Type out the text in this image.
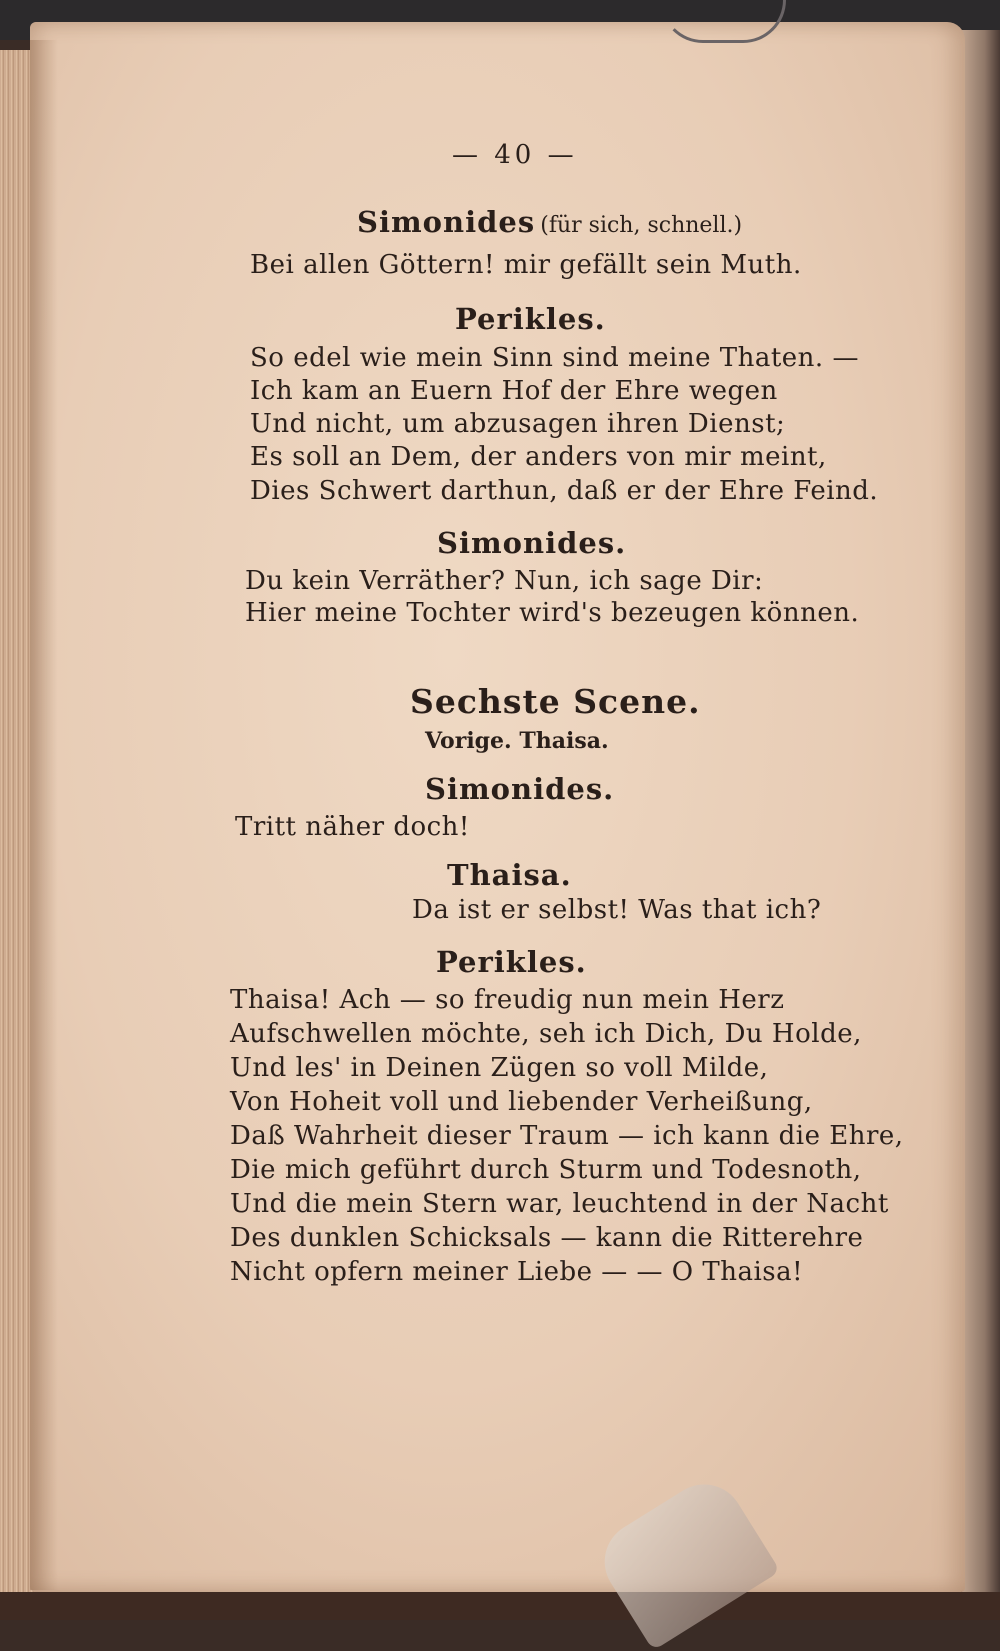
— 40 —
Simonides (für sich, schnell.)
Bei allen Göttern! mir gefällt sein Muth.
Perikles.
So edel wie mein Sinn sind meine Thaten. —
Ich kam an Euern Hof der Ehre wegen
Und nicht, um abzusagen ihren Dienst;
Es soll an Dem, der anders von mir meint,
Dies Schwert darthun, daß er der Ehre Feind.
Simonides.
Du kein Verräther? Nun, ich sage Dir:
Hier meine Tochter wird's bezeugen können.
Sechste Scene.
Vorige. Thaisa.
Simonides.
Tritt näher doch!
Thaisa.
Da ist er selbst! Was that ich?
Perikles.
Thaisa! Ach — so freudig nun mein Herz
Aufschwellen möchte, seh ich Dich, Du Holde,
Und les' in Deinen Zügen so voll Milde,
Von Hoheit voll und liebender Verheißung,
Daß Wahrheit dieser Traum — ich kann die Ehre,
Die mich geführt durch Sturm und Todesnoth,
Und die mein Stern war, leuchtend in der Nacht
Des dunklen Schicksals — kann die Ritterehre
Nicht opfern meiner Liebe — — O Thaisa!
